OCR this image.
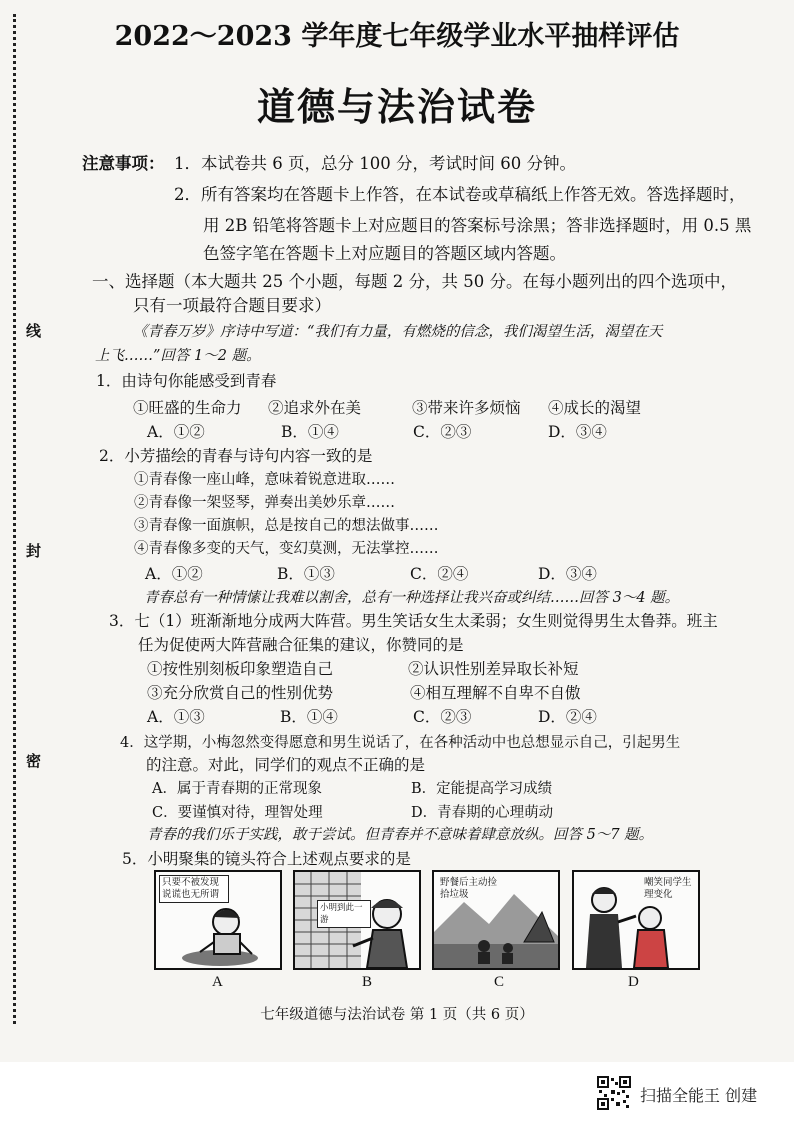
线
封
密
2022～2023 学年度七年级学业水平抽样评估
道德与法治试卷
注意事项： 1．本试卷共 6 页，总分 100 分，考试时间 60 分钟。
2．所有答案均在答题卡上作答，在本试卷或草稿纸上作答无效。答选择题时，
用 2B 铅笔将答题卡上对应题目的答案标号涂黑；答非选择题时，用 0.5 黑
色签字笔在答题卡上对应题目的答题区域内答题。
一、选择题（本大题共 25 个小题，每题 2 分，共 50 分。在每小题列出的四个选项中，
只有一项最符合题目要求）
《青春万岁》序诗中写道：“我们有力量，有燃烧的信念，我们渴望生活，渴望在天
上飞……”回答 1～2 题。
1．由诗句你能感受到青春
①旺盛的生命力 ②追求外在美	③带来许多烦恼 ④成长的渴望
A．①②	B．①④	C．②③	D．③④
2．小芳描绘的青春与诗句内容一致的是
①青春像一座山峰，意味着锐意进取……
②青春像一架竖琴，弹奏出美妙乐章……
③青春像一面旗帜，总是按自己的想法做事……
④青春像多变的天气，变幻莫测，无法掌控……
A．①②	B．①③	C．②④	D．③④
青春总有一种情愫让我难以割舍，总有一种选择让我兴奋或纠结……回答 3～4 题。
3．七（1）班渐渐地分成两大阵营。男生笑话女生太柔弱；女生则觉得男生太鲁莽。班主
任为促使两大阵营融合征集的建议，你赞同的是
①按性别刻板印象塑造自己	②认识性别差异取长补短
③充分欣赏自己的性别优势	④相互理解不自卑不自傲
A．①③	B．①④	C．②③	D．②④
4．这学期，小梅忽然变得愿意和男生说话了，在各种活动中也总想显示自己，引起男生
的注意。对此，同学们的观点不正确的是
A．属于青春期的正常现象	B．定能提高学习成绩
C．要谨慎对待，理智处理	D．青春期的心理萌动
青春的我们乐于实践，敢于尝试。但青春并不意味着肆意放纵。回答 5～7 题。
5．小明聚集的镜头符合上述观点要求的是
只要不被发现说谎也无所谓
小明到此一游
野餐后主动捡拾垃圾
嘲笑同学生理变化
A	B	C	D
七年级道德与法治试卷 第 1 页（共 6 页）
扫描全能王 创建
